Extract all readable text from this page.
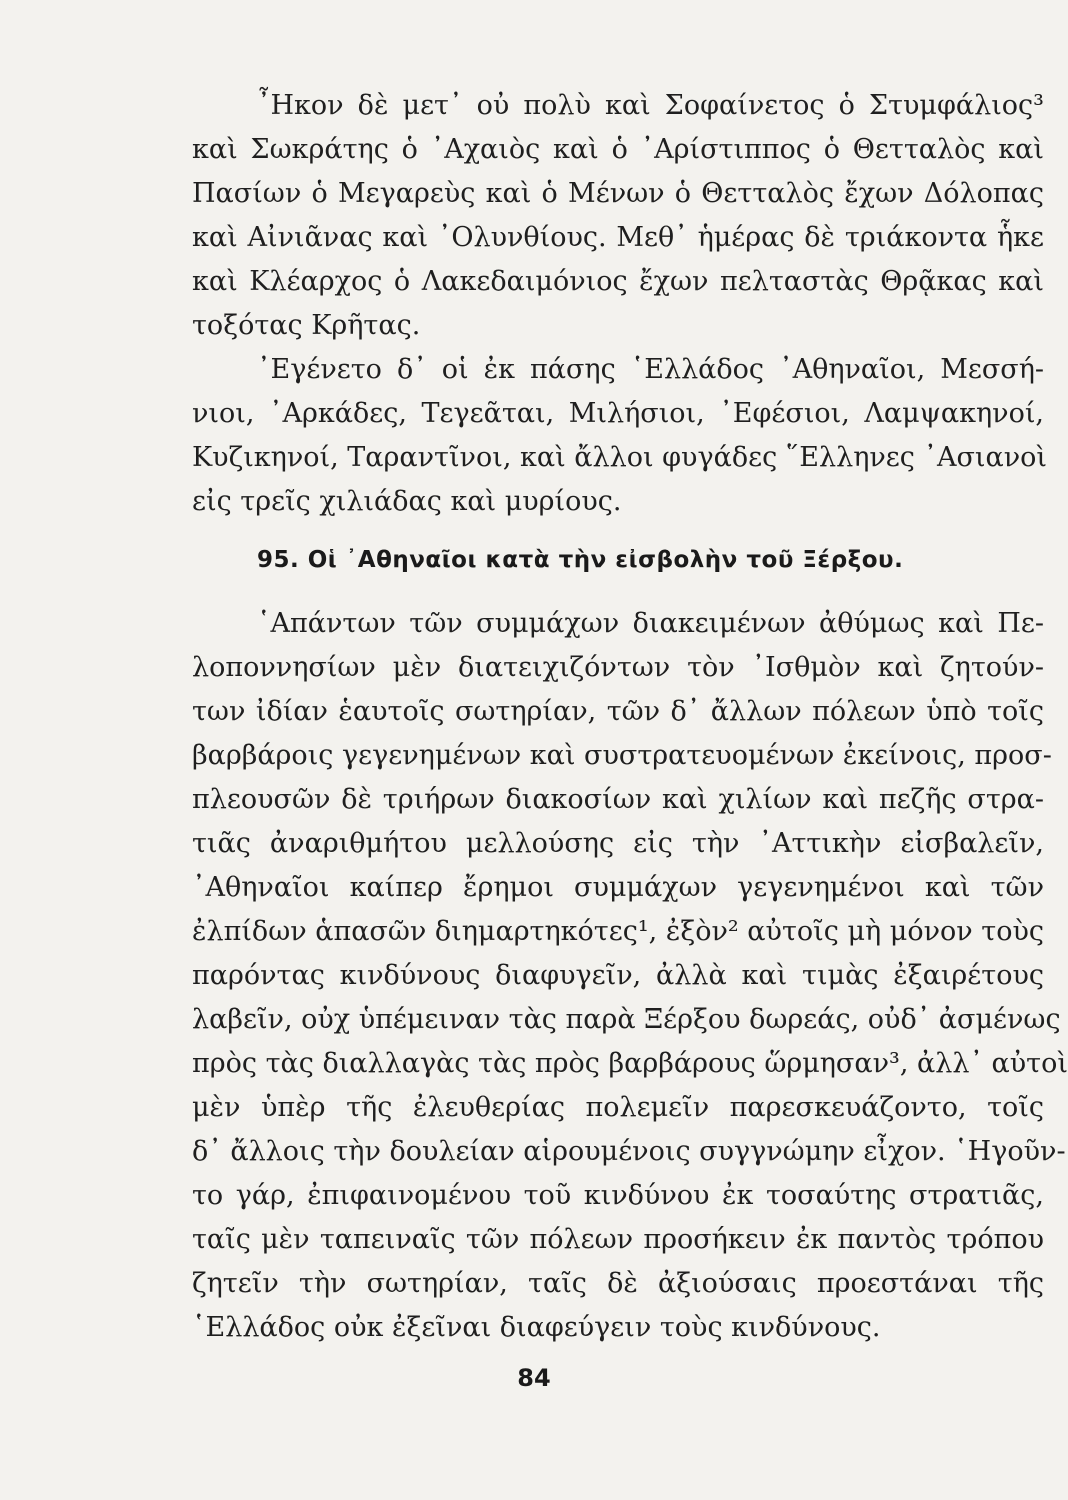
῏Ηκον δὲ μετ᾽ οὐ πολὺ καὶ Σοφαίνετος ὁ Στυμφάλιος³
καὶ Σωκράτης ὁ ᾽Αχαιὸς καὶ ὁ ᾽Αρίστιππος ὁ Θετταλὸς καὶ
Πασίων ὁ Μεγαρεὺς καὶ ὁ Μένων ὁ Θετταλὸς ἔχων Δόλοπας
καὶ Αἰνιᾶνας καὶ ᾽Ολυνθίους. Μεθ᾽ ἡμέρας δὲ τριάκοντα ἧκε
καὶ Κλέαρχος ὁ Λακεδαιμόνιος ἔχων πελταστὰς Θρᾷκας καὶ
τοξότας Κρῆτας.
᾽Εγένετο δ᾽ οἱ ἐκ πάσης ῾Ελλάδος ᾽Αθηναῖοι, Μεσσή-
νιοι, ᾽Αρκάδες, Τεγεᾶται, Μιλήσιοι, ᾽Εφέσιοι, Λαμψακηνοί,
Κυζικηνοί, Ταραντῖνοι, καὶ ἄλλοι φυγάδες ῞Ελληνες ᾽Ασιανοὶ
εἰς τρεῖς χιλιάδας καὶ μυρίους.
95. Οἱ ᾽Αθηναῖοι κατὰ τὴν εἰσβολὴν τοῦ Ξέρξου.
῾Απάντων τῶν συμμάχων διακειμένων ἀθύμως καὶ Πε-
λοποννησίων μὲν διατειχιζόντων τὸν ᾽Ισθμὸν καὶ ζητούν-
των ἰδίαν ἑαυτοῖς σωτηρίαν, τῶν δ᾽ ἄλλων πόλεων ὑπὸ τοῖς
βαρβάροις γεγενημένων καὶ συστρατευομένων ἐκείνοις, προσ-
πλεουσῶν δὲ τριήρων διακοσίων καὶ χιλίων καὶ πεζῆς στρα-
τιᾶς ἀναριθμήτου μελλούσης εἰς τὴν ᾽Αττικὴν εἰσβαλεῖν,
᾽Αθηναῖοι καίπερ ἔρημοι συμμάχων γεγενημένοι καὶ τῶν
ἐλπίδων ἁπασῶν διημαρτηκότες¹, ἐξὸν² αὐτοῖς μὴ μόνον τοὺς
παρόντας κινδύνους διαφυγεῖν, ἀλλὰ καὶ τιμὰς ἐξαιρέτους
λαβεῖν, οὐχ ὑπέμειναν τὰς παρὰ Ξέρξου δωρεάς, οὐδ᾽ ἀσμένως
πρὸς τὰς διαλλαγὰς τὰς πρὸς βαρβάρους ὥρμησαν³, ἀλλ᾽ αὐτοὶ
μὲν ὑπὲρ τῆς ἐλευθερίας πολεμεῖν παρεσκευάζοντο, τοῖς
δ᾽ ἄλλοις τὴν δουλείαν αἱρουμένοις συγγνώμην εἶχον. ῾Ηγοῦν-
το γάρ, ἐπιφαινομένου τοῦ κινδύνου ἐκ τοσαύτης στρατιᾶς,
ταῖς μὲν ταπειναῖς τῶν πόλεων προσήκειν ἐκ παντὸς τρόπου
ζητεῖν τὴν σωτηρίαν, ταῖς δὲ ἀξιούσαις προεστάναι τῆς
῾Ελλάδος οὐκ ἐξεῖναι διαφεύγειν τοὺς κινδύνους.
84
